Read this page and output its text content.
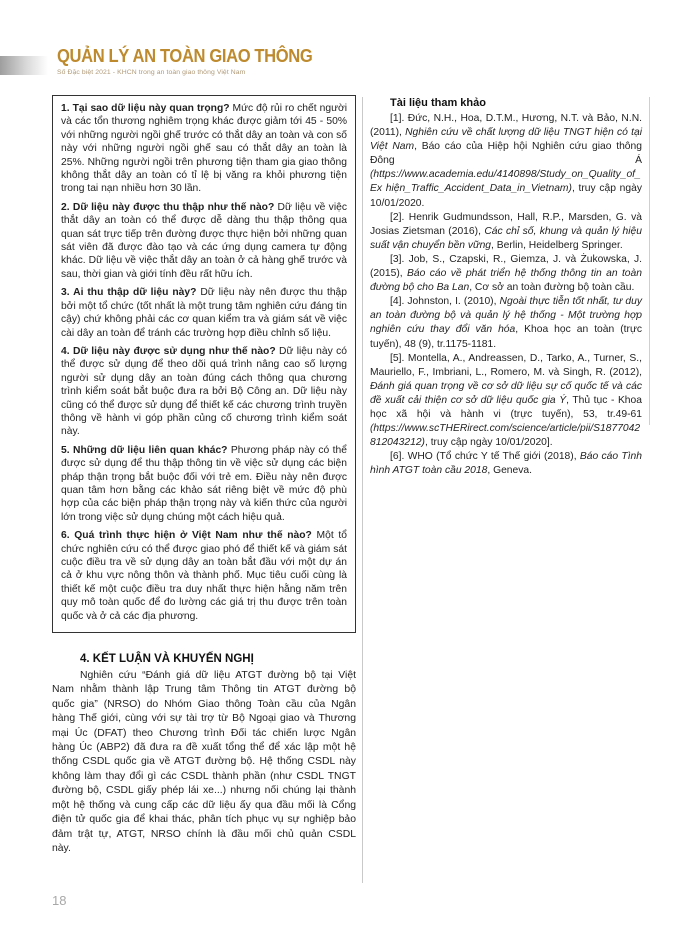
QUẢN LÝ AN TOÀN GIAO THÔNG
Số Đặc biệt 2021 - KHCN trong an toàn giao thông Việt Nam

1. Tại sao dữ liệu này quan trọng? Mức độ rủi ro chết người và các tổn thương nghiêm trọng khác được giảm tới 45 - 50% với những người ngồi ghế trước có thắt dây an toàn và con số này với những người ngồi ghế sau có thắt dây an toàn là 25%. Những người ngồi trên phương tiện tham gia giao thông không thắt dây an toàn có tỉ lệ bị văng ra khỏi phương tiện trong tai nạn nhiều hơn 30 lần.

2. Dữ liệu này được thu thập như thế nào? Dữ liệu về việc thắt dây an toàn có thể được dễ dàng thu thập thông qua quan sát trực tiếp trên đường được thực hiện bởi những quan sát viên đã được đào tạo và các ứng dụng camera tự động khác. Dữ liệu về việc thắt dây an toàn ở cả hàng ghế trước và sau, thời gian và giới tính đều rất hữu ích.

3. Ai thu thập dữ liệu này? Dữ liệu này nên được thu thập bởi một tổ chức (tốt nhất là một trung tâm nghiên cứu đáng tin cậy) chứ không phải các cơ quan kiểm tra và giám sát về việc cài dây an toàn để tránh các trường hợp điều chỉnh số liệu.

4. Dữ liệu này được sử dụng như thế nào? Dữ liệu này có thể được sử dụng để theo dõi quá trình nâng cao số lượng người sử dụng dây an toàn đúng cách thông qua chương trình kiểm soát bắt buộc đưa ra bởi Bộ Công an. Dữ liệu này cũng có thể được sử dụng để thiết kế các chương trình truyền thông về hành vi góp phần củng cố chương trình kiểm soát này.

5. Những dữ liệu liên quan khác? Phương pháp này có thể được sử dụng để thu thập thông tin về việc sử dụng các biện pháp thận trọng bắt buộc đối với trẻ em. Điều này nên được quan tâm hơn bằng các khảo sát riêng biệt về mức độ phù hợp của các biện pháp thận trọng này và kiến thức của người lớn trong việc sử dụng chúng một cách hiệu quả.

6. Quá trình thực hiện ở Việt Nam như thế nào? Một tổ chức nghiên cứu có thể được giao phó để thiết kế và giám sát cuộc điều tra về sử dụng dây an toàn bắt đầu với một dự án cả ở khu vực nông thôn và thành phố. Mục tiêu cuối cùng là thiết kế một cuộc điều tra duy nhất thực hiện hằng năm trên quy mô toàn quốc để đo lường các giá trị thu được trên toàn quốc và ở cả các địa phương.

4. KẾT LUẬN VÀ KHUYẾN NGHỊ

Nghiên cứu “Đánh giá dữ liệu ATGT đường bộ tại Việt Nam nhằm thành lập Trung tâm Thông tin ATGT đường bộ quốc gia” (NRSO) do Nhóm Giao thông Toàn cầu của Ngân hàng Thế giới, cùng với sự tài trợ từ Bộ Ngoại giao và Thương mại Úc (DFAT) theo Chương trình Đối tác chiến lược Ngân hàng Úc (ABP2) đã đưa ra đề xuất tổng thể để xác lập một hệ thống CSDL quốc gia về ATGT đường bộ. Hệ thống CSDL này không làm thay đổi gì các CSDL thành phần (như CSDL TNGT đường bộ, CSDL giấy phép lái xe...) nhưng nối chúng lại thành một hệ thống và cung cấp các dữ liệu ấy qua đầu mối là Cổng điện tử quốc gia để khai thác, phân tích phục vụ sự nghiệp bảo đảm trật tự, ATGT, NRSO chính là đầu mối chủ quản CSDL này.

Tài liệu tham khảo

[1]. Đức, N.H., Hoa, D.T.M., Hương, N.T. và Bảo, N.N. (2011), Nghiên cứu về chất lượng dữ liệu TNGT hiện có tại Việt Nam, Báo cáo của Hiệp hội Nghiên cứu giao thông Đông Á (https://www.academia.edu/4140898/Study_on_Quality_of_Ex hiện_Traffic_Accident_Data_in_Vietnam), truy cập ngày 10/01/2020.

[2]. Henrik Gudmundsson, Hall, R.P., Marsden, G. và Josias Zietsman (2016), Các chỉ số, khung và quản lý hiệu suất vận chuyển bền vững, Berlin, Heidelberg Springer.

[3]. Job, S., Czapski, R., Giemza, J. và Żukowska, J. (2015), Báo cáo về phát triển hệ thống thông tin an toàn đường bộ cho Ba Lan, Cơ sở an toàn đường bộ toàn cầu.

[4]. Johnston, I. (2010), Ngoài thực tiễn tốt nhất, tư duy an toàn đường bộ và quản lý hệ thống - Một trường hợp nghiên cứu thay đổi văn hóa, Khoa học an toàn (trực tuyến), 48 (9), tr.1175-1181.

[5]. Montella, A., Andreassen, D., Tarko, A., Turner, S., Mauriello, F., Imbriani, L., Romero, M. và Singh, R. (2012), Đánh giá quan trọng về cơ sở dữ liệu sự cố quốc tế và các đề xuất cải thiện cơ sở dữ liệu quốc gia Ý, Thủ tục - Khoa học xã hội và hành vi (trực tuyến), 53, tr.49-61 (https://www.scTHERirect.com/science/article/pii/S1877042812043212), truy cập ngày 10/01/2020].

[6]. WHO (Tổ chức Y tế Thế giới (2018), Báo cáo Tình hình ATGT toàn cầu 2018, Geneva.

18
